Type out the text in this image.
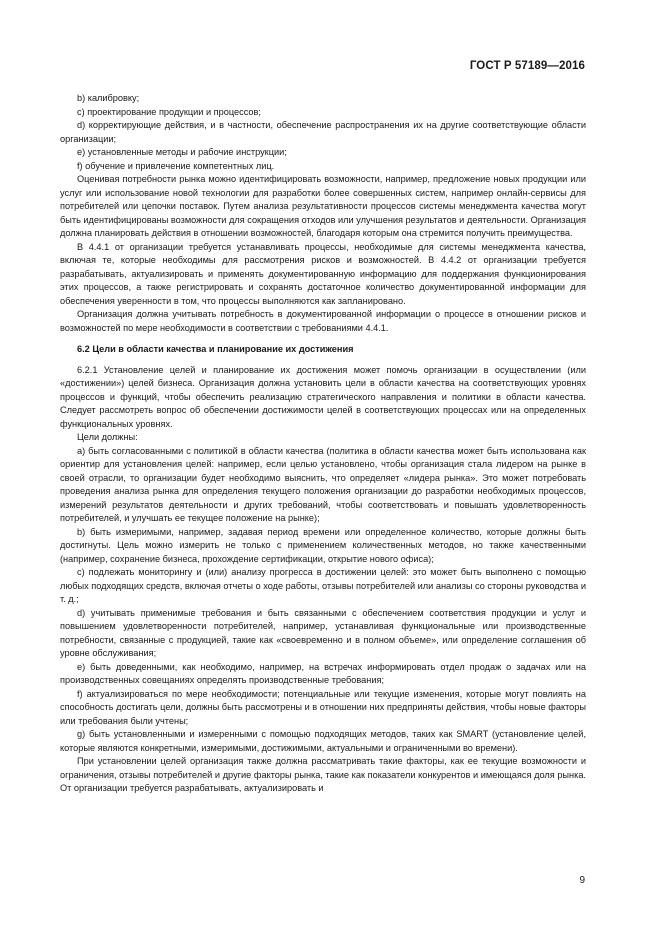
ГОСТ Р 57189—2016

b) калибровку;

c) проектирование продукции и процессов;

d) корректирующие действия, и в частности, обеспечение распространения их на другие соответствующие области организации;

e) установленные методы и рабочие инструкции;

f) обучение и привлечение компетентных лиц.

Оценивая потребности рынка можно идентифицировать возможности, например, предложение новых продукции или услуг или использование новой технологии для разработки более совершенных систем, например онлайн-сервисы для потребителей или цепочки поставок. Путем анализа результативности процессов системы менеджмента качества могут быть идентифицированы возможности для сокращения отходов или улучшения результатов и деятельности. Организация должна планировать действия в отношении возможностей, благодаря которым она стремится получить преимущества.

В 4.4.1 от организации требуется устанавливать процессы, необходимые для системы менеджмента качества, включая те, которые необходимы для рассмотрения рисков и возможностей. В 4.4.2 от организации требуется разрабатывать, актуализировать и применять документированную информацию для поддержания функционирования этих процессов, а также регистрировать и сохранять достаточное количество документированной информации для обеспечения уверенности в том, что процессы выполняются как запланировано.

Организация должна учитывать потребность в документированной информации о процессе в отношении рисков и возможностей по мере необходимости в соответствии с требованиями 4.4.1.

6.2 Цели в области качества и планирование их достижения

6.2.1 Установление целей и планирование их достижения может помочь организации в осуществлении (или «достижении») целей бизнеса. Организация должна установить цели в области качества на соответствующих уровнях процессов и функций, чтобы обеспечить реализацию стратегического направления и политики в области качества. Следует рассмотреть вопрос об обеспечении достижимости целей в соответствующих процессах или на определенных функциональных уровнях.

Цели должны:

a) быть согласованными с политикой в области качества (политика в области качества может быть использована как ориентир для установления целей: например, если целью установлено, чтобы организация стала лидером на рынке в своей отрасли, то организации будет необходимо выяснить, что определяет «лидера рынка». Это может потребовать проведения анализа рынка для определения текущего положения организации до разработки необходимых процессов, измерений результатов деятельности и других требований, чтобы соответствовать и повышать удовлетворенность потребителей, и улучшать ее текущее положение на рынке);

b) быть измеримыми, например, задавая период времени или определенное количество, которые должны быть достигнуты. Цель можно измерить не только с применением количественных методов, но также качественными (например, сохранение бизнеса, прохождение сертификации, открытие нового офиса);

c) подлежать мониторингу и (или) анализу прогресса в достижении целей: это может быть выполнено с помощью любых подходящих средств, включая отчеты о ходе работы, отзывы потребителей или анализы со стороны руководства и т. д.;

d) учитывать применимые требования и быть связанными с обеспечением соответствия продукции и услуг и повышением удовлетворенности потребителей, например, устанавливая функциональные или производственные потребности, связанные с продукцией, такие как «своевременно и в полном объеме», или определение соглашения об уровне обслуживания;

e) быть доведенными, как необходимо, например, на встречах информировать отдел продаж о задачах или на производственных совещаниях определять производственные требования;

f) актуализироваться по мере необходимости; потенциальные или текущие изменения, которые могут повлиять на способность достигать цели, должны быть рассмотрены и в отношении них предприняты действия, чтобы новые факторы или требования были учтены;

g) быть установленными и измеренными с помощью подходящих методов, таких как SMART (установление целей, которые являются конкретными, измеримыми, достижимыми, актуальными и ограниченными во времени).

При установлении целей организация также должна рассматривать такие факторы, как ее текущие возможности и ограничения, отзывы потребителей и другие факторы рынка, такие как показатели конкурентов и имеющаяся доля рынка. От организации требуется разрабатывать, актуализировать и

9
